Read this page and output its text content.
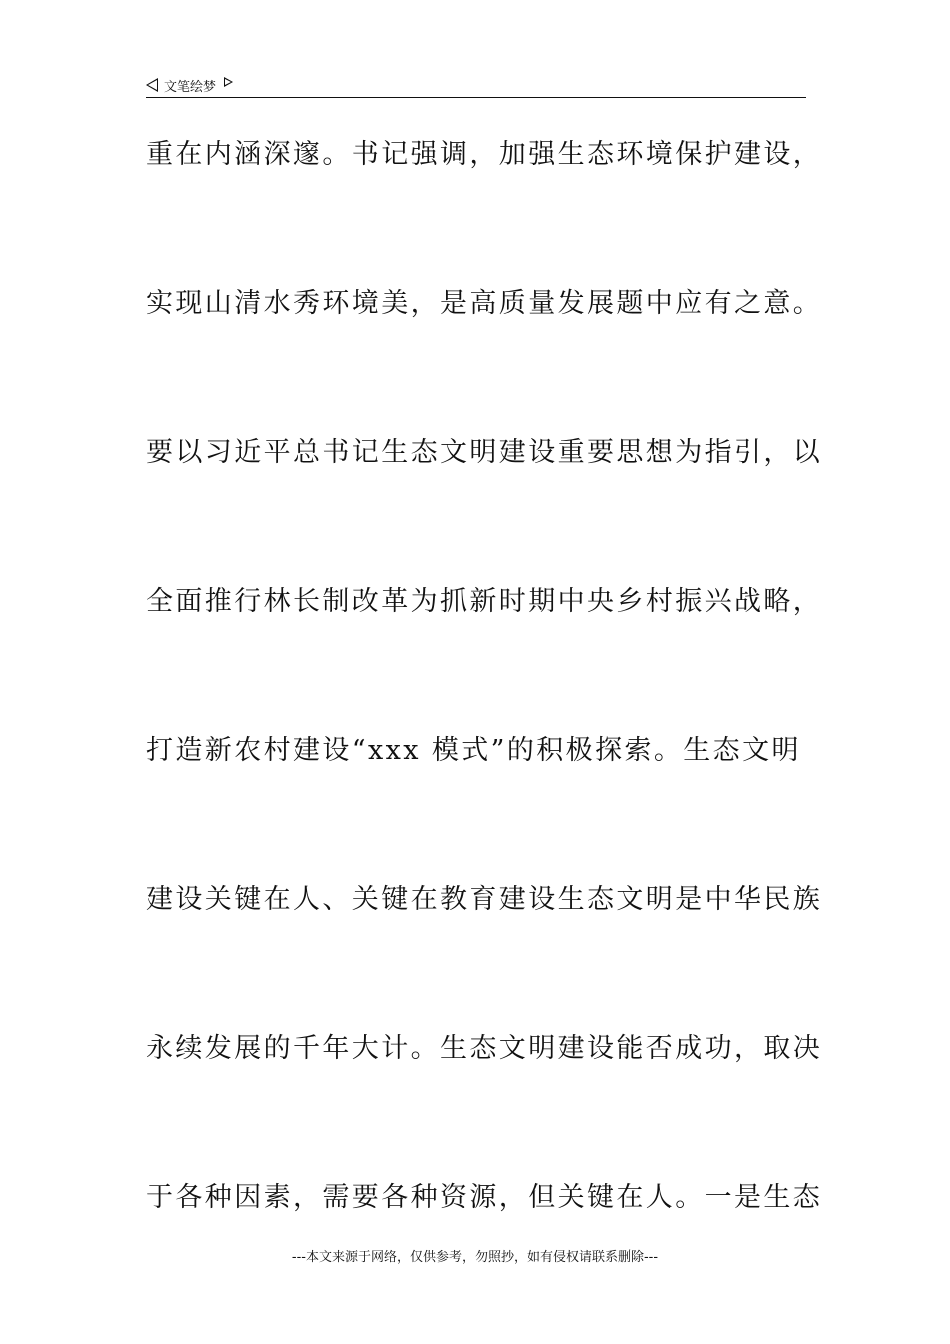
文笔绘梦
重在内涵深邃。书记强调，加强生态环境保护建设，
实现山清水秀环境美，是高质量发展题中应有之意。
要以习近平总书记生态文明建设重要思想为指引，以
全面推行林长制改革为抓新时期中央乡村振兴战略，
打造新农村建设“xxx 模式”的积极探索。生态文明
建设关键在人、关键在教育建设生态文明是中华民族
永续发展的千年大计。生态文明建设能否成功，取决
于各种因素，需要各种资源，但关键在人。一是生态
---本文来源于网络，仅供参考，勿照抄，如有侵权请联系删除---
